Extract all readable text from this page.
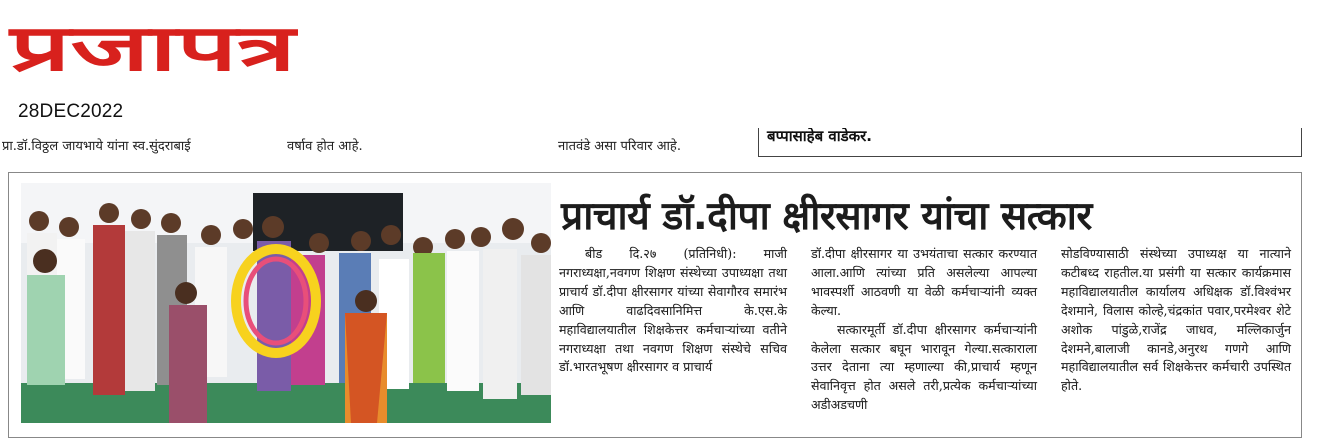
प्रजापत्र
28DEC2022
प्रा.डॉ.विठ्ठल जायभाये यांना स्व.सुंदराबाई	वर्षाव होत आहे.	नातवंडे असा परिवार आहे.
बप्पासाहेब वाडेकर.
प्राचार्य डॉ.दीपा क्षीरसागर यांचा सत्कार

बीड दि.२७ (प्रतिनिधी): माजी नगराध्यक्षा,नवगण शिक्षण संस्थेच्या उपाध्यक्षा तथा प्राचार्य डॉ.दीपा क्षीरसागर यांच्या सेवागौरव समारंभ आणि वाढदिवसानिमित्त के.एस.के महाविद्यालयातील शिक्षकेत्तर कर्मचाऱ्यांच्या वतीने नगराध्यक्षा तथा नवगण शिक्षण संस्थेचे सचिव डॉ.भारतभूषण क्षीरसागर व प्राचार्य

डॉ.दीपा क्षीरसागर या उभयंताचा सत्कार करण्यात आला.आणि त्यांच्या प्रति असलेल्या आपल्या भावस्पर्शी आठवणी या वेळी कर्मचाऱ्यांनी व्यक्त केल्या.

सत्कारमूर्ती डॉ.दीपा क्षीरसागर कर्मचाऱ्यांनी केलेला सत्कार बघून भारावून गेल्या.सत्काराला उत्तर देताना त्या म्हणाल्या की,प्राचार्य म्हणून सेवानिवृत्त होत असले तरी,प्रत्येक कर्मचाऱ्यांच्या अडीअडचणी

सोडविण्यासाठी संस्थेच्या उपाध्यक्ष या नात्याने कटीबध्द राहतील.या प्रसंगी या सत्कार कार्यक्रमास महाविद्यालयातील कार्यालय अधिक्षक डॉ.विश्वंभर देशमाने, विलास कोल्हे,चंद्रकांत पवार,परमेश्वर शेटे अशोक पांडुळे,राजेंद्र जाधव, मल्लिकार्जुन देशमने,बालाजी कानडे,अनुरथ गणगे आणि महाविद्यालयातील सर्व शिक्षकेत्तर कर्मचारी उपस्थित होते.
